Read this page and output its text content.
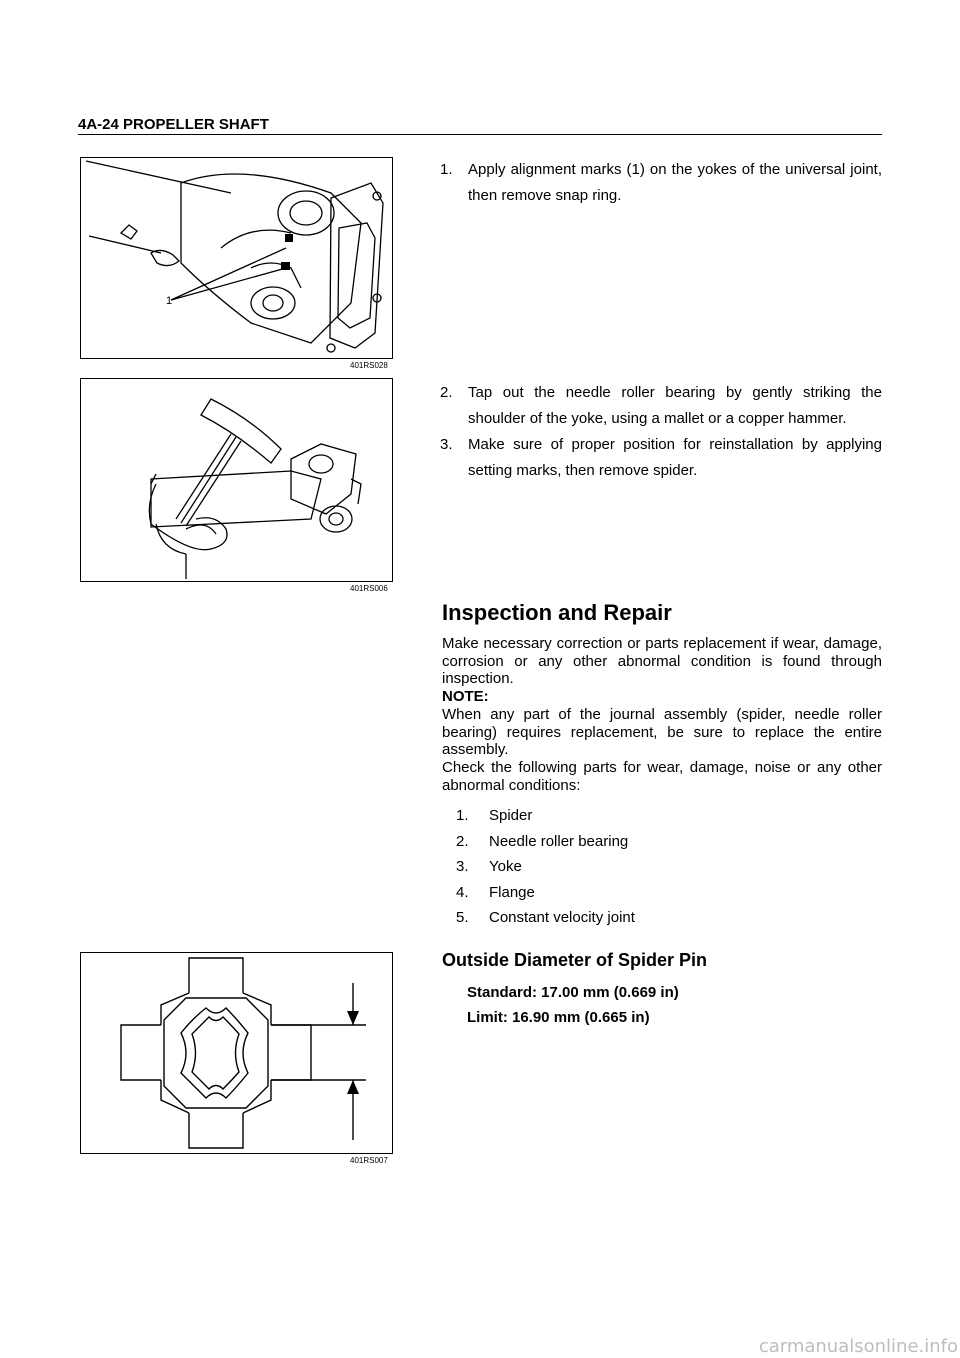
4A-24 PROPELLER SHAFT
1
401RS028
1.	Apply alignment marks (1) on the yokes of the universal joint, then remove snap ring.
401RS006
2.	Tap out the needle roller bearing by gently striking the shoulder of the yoke, using a mallet or a copper hammer.
3.	Make sure of proper position for reinstallation by applying setting marks, then remove spider.
Inspection and Repair
Make necessary correction or parts replacement if wear, damage, corrosion or any other abnormal condition is found through inspection.
NOTE:
When any part of the journal assembly (spider, needle roller bearing) requires replacement, be sure to replace the entire assembly.
Check the following parts for wear, damage, noise or any other abnormal conditions:
1.	Spider
2.	Needle roller bearing
3.	Yoke
4.	Flange
5.	Constant velocity joint
401RS007
Outside Diameter of Spider Pin
Standard: 17.00 mm (0.669 in)
Limit: 16.90 mm (0.665 in)
carmanualsonline.info
